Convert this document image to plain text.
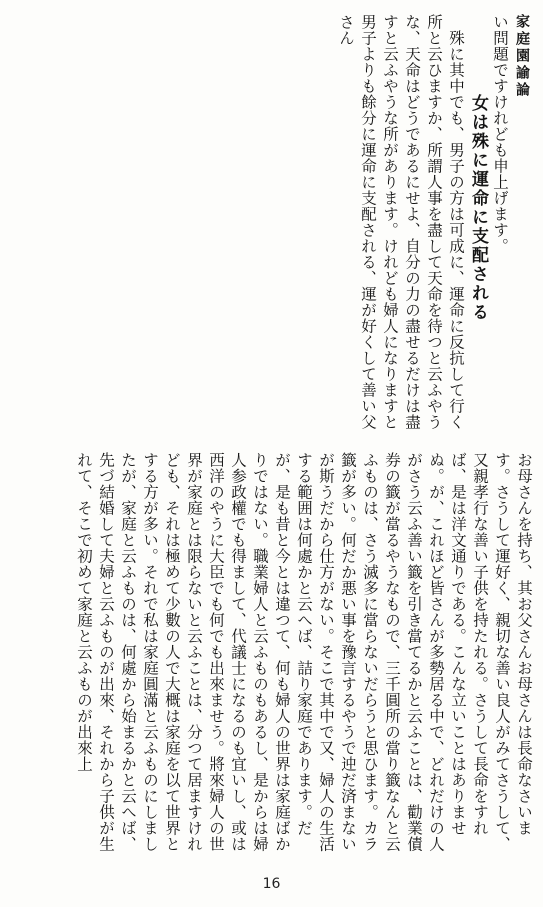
家庭園諭論

い問題ですけれども申上げます。

女は殊に運命に支配される

殊に其中でも、男子の方は可成に、運命に反抗して行く所と云ひますか、所謂人事を盡して天命を待つと云ふやうな、天命はどうであるにせよ、自分の力の盡せるだけは盡すと云ふやうな所があります。けれども婦人になりますと男子よりも餘分に運命に支配される、運が好くして善い父さん

お母さんを持ち、其お父さんお母さんは長命なさいます。さうして運好く、親切な善い良人がみてさうして、又親孝行な善い子供を持たれる。さうして長命をすれば、是は洋文通りである。こんな立いことはありませぬ。が、これほど皆さんが多勢居る中で、どれだけの人がさう云ふ善い籤を引き當てるかと云ふことは、勸業債券の籤が當るやうなもので、三千圓所の當り籤なんと云ふものは、さう滅多に當らないだらうと思ひます。カラ籤が多い。何だか悪い事を豫言するやうで迚だ済まないが斯うだから仕方がない。そこで其中で又、婦人の生活する範囲は何處かと云へば、詰り家庭であります。だが、是も昔と今とは違つて、何も婦人の世界は家庭ばかりではない。職業婦人と云ふものもあるし、是からは婦人参政權でも得まして、代議士になるのも宜いし、或は西洋のやうに大臣でも何でも出來ませう。將來婦人の世界が家庭とは限らないと云ふことは、分つて居ますけれども、それは極めて少數の人で大概は家庭を以て世界とする方が多い。それで私は家庭圓滿と云ふものにしましたが、家庭と云ふものは、何處から始まるかと云へば、先づ結婚して夫婦と云ふものが出來、それから子供が生れて、そこで初めて家庭と云ふものが出來上

16
